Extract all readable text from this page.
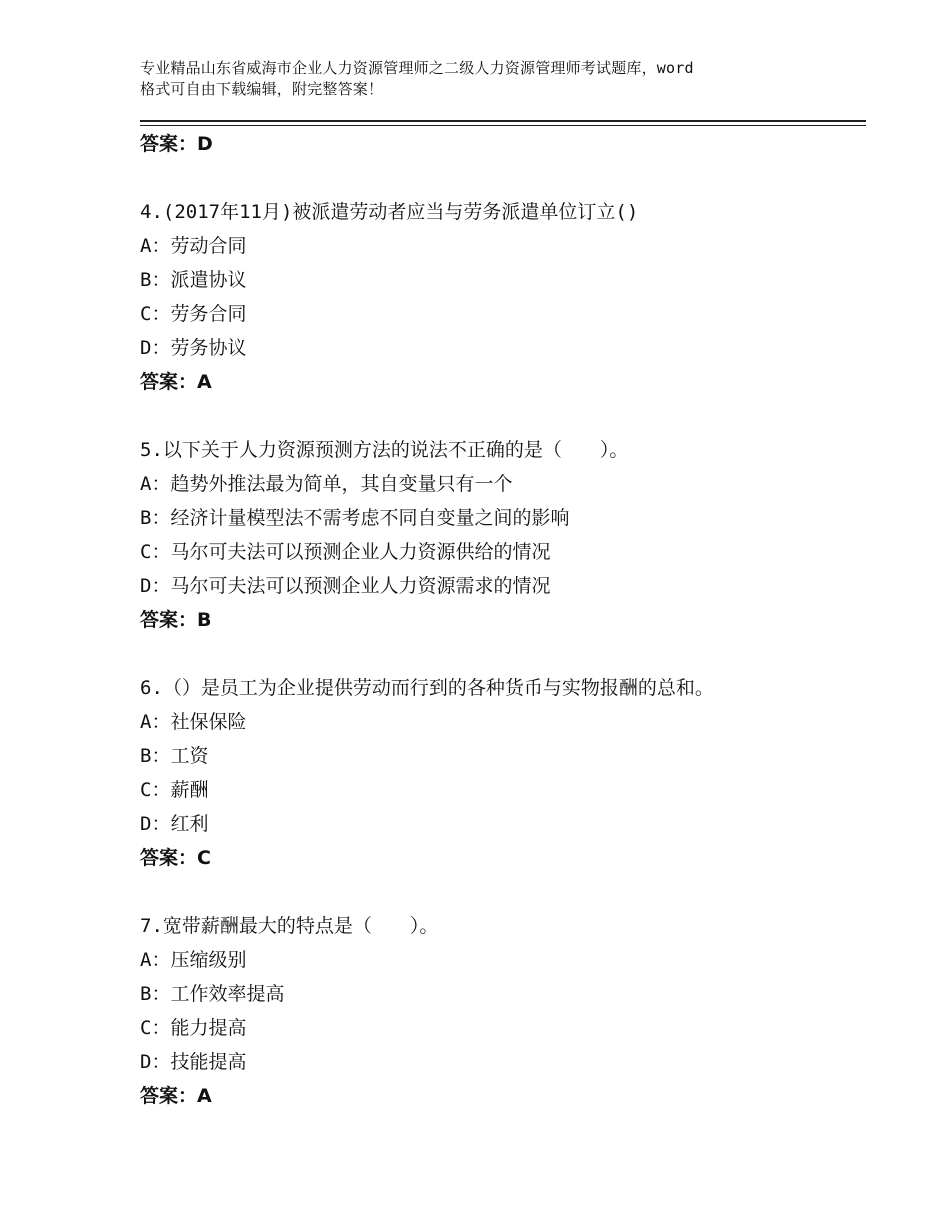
专业精品山东省威海市企业人力资源管理师之二级人力资源管理师考试题库，word
格式可自由下载编辑，附完整答案！
答案：D
4.(2017年11月)被派遣劳动者应当与劳务派遣单位订立()
A：劳动合同
B：派遣协议
C：劳务合同
D：劳务协议
答案：A
5.以下关于人力资源预测方法的说法不正确的是（　　）。
A：趋势外推法最为简单，其自变量只有一个
B：经济计量模型法不需考虑不同自变量之间的影响
C：马尔可夫法可以预测企业人力资源供给的情况
D：马尔可夫法可以预测企业人力资源需求的情况
答案：B
6.（）是员工为企业提供劳动而行到的各种货币与实物报酬的总和。
A：社保保险
B：工资
C：薪酬
D：红利
答案：C
7.宽带薪酬最大的特点是（　　）。
A：压缩级别
B：工作效率提高
C：能力提高
D：技能提高
答案：A
